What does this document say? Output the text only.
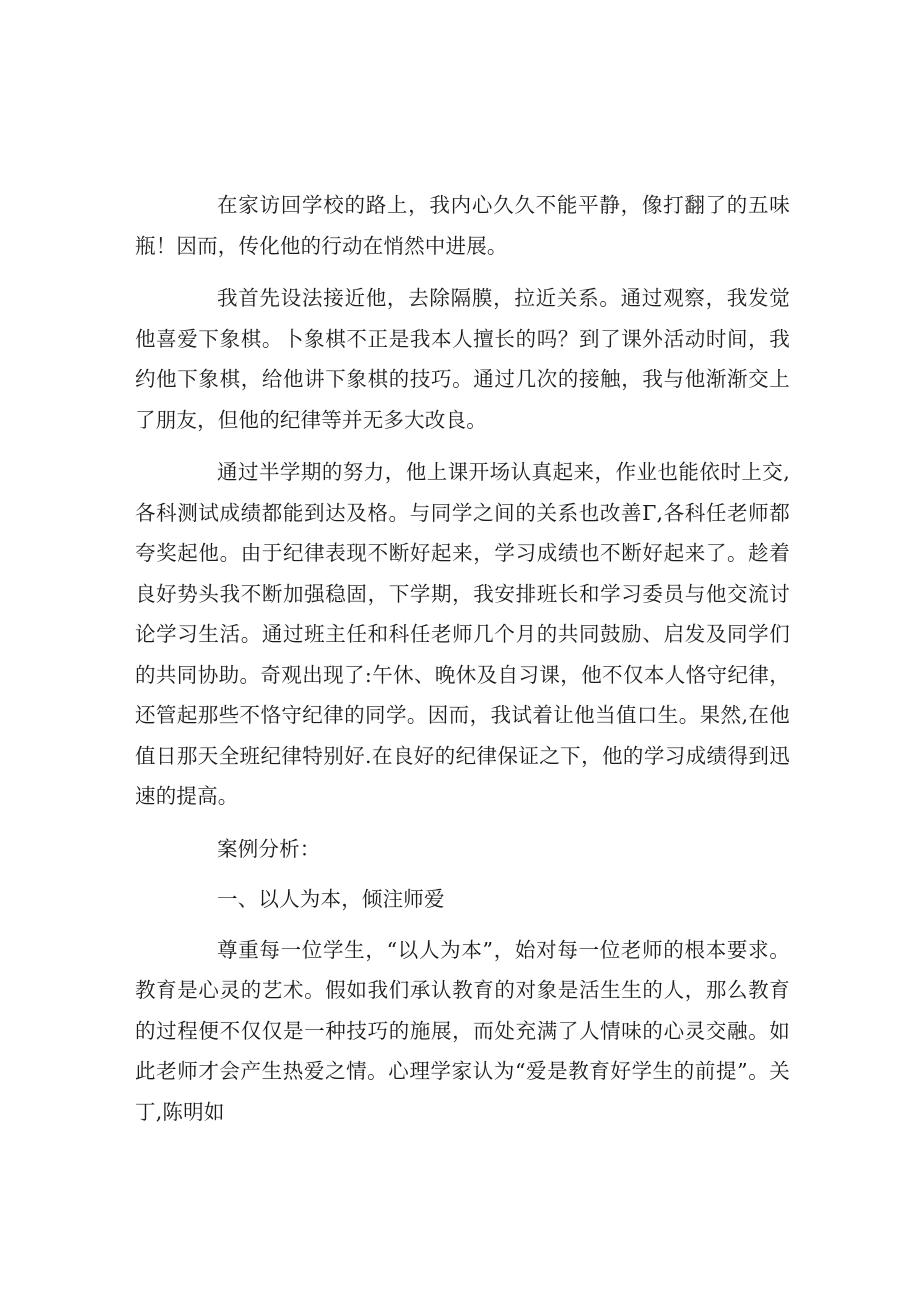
在家访回学校的路上，我内心久久不能平静，像打翻了的五味瓶！因而，传化他的行动在悄然中进展。

我首先设法接近他，去除隔膜，拉近关系。通过观察，我发觉他喜爱下象棋。卜象棋不正是我本人擅长的吗？到了课外活动时间，我约他下象棋，给他讲下象棋的技巧。通过几次的接触，我与他渐渐交上了朋友，但他的纪律等并无多大改良。

通过半学期的努力，他上课开场认真起来，作业也能依时上交,各科测试成绩都能到达及格。与同学之间的关系也改善Γ,各科任老师都夸奖起他。由于纪律表现不断好起来，学习成绩也不断好起来了。趁着良好势头我不断加强稳固，下学期，我安排班长和学习委员与他交流讨论学习生活。通过班主任和科任老师几个月的共同鼓励、启发及同学们的共同协助。奇观出现了:午休、晚休及自习课，他不仅本人恪守纪律，还管起那些不恪守纪律的同学。因而，我试着让他当值口生。果然,在他值日那天全班纪律特别好.在良好的纪律保证之下，他的学习成绩得到迅速的提高。

案例分析：

一、以人为本，倾注师爱

尊重每一位学生，“以人为本”，始对每一位老师的根本要求。教育是心灵的艺术。假如我们承认教育的对象是活生生的人，那么教育的过程便不仅仅是一种技巧的施展，而处充满了人情味的心灵交融。如此老师才会产生热爱之情。心理学家认为“爱是教育好学生的前提”。关丁,陈明如
